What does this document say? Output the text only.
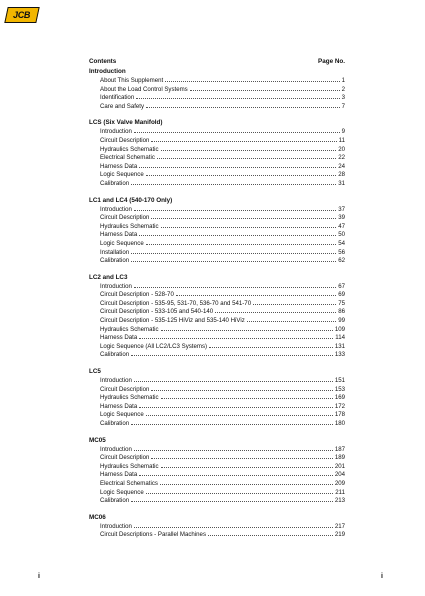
JCB
Contents	Page No.
Introduction
About This Supplement	1
About the Load Control Systems	2
Identification	3
Care and Safety	7
LCS (Six Valve Manifold)
Introduction	9
Circuit Description	11
Hydraulics Schematic	20
Electrical Schematic	22
Harness Data	24
Logic Sequence	28
Calibration	31
LC1 and LC4 (540-170 Only)
Introduction	37
Circuit Description	39
Hydraulics Schematic	47
Harness Data	50
Logic Sequence	54
Installation	56
Calibration	62
LC2 and LC3
Introduction	67
Circuit Description - 528-70	69
Circuit Description - 535-95, 531-70, 536-70 and 541-70	75
Circuit Description - 533-105 and 540-140	86
Circuit Description - 535-125 HiViz and 535-140 HiViz	99
Hydraulics Schematic	109
Harness Data	114
Logic Sequence (All LC2/LC3 Systems)	131
Calibration	133
LC5
Introduction	151
Circuit Description	153
Hydraulics Schematic	169
Harness Data	172
Logic Sequence	178
Calibration	180
MC05
Introduction	187
Circuit Description	189
Hydraulics Schematic	201
Harness Data	204
Electrical Schematics	209
Logic Sequence	211
Calibration	213
MC06
Introduction	217
Circuit Descriptions - Parallel Machines	219
i	i
